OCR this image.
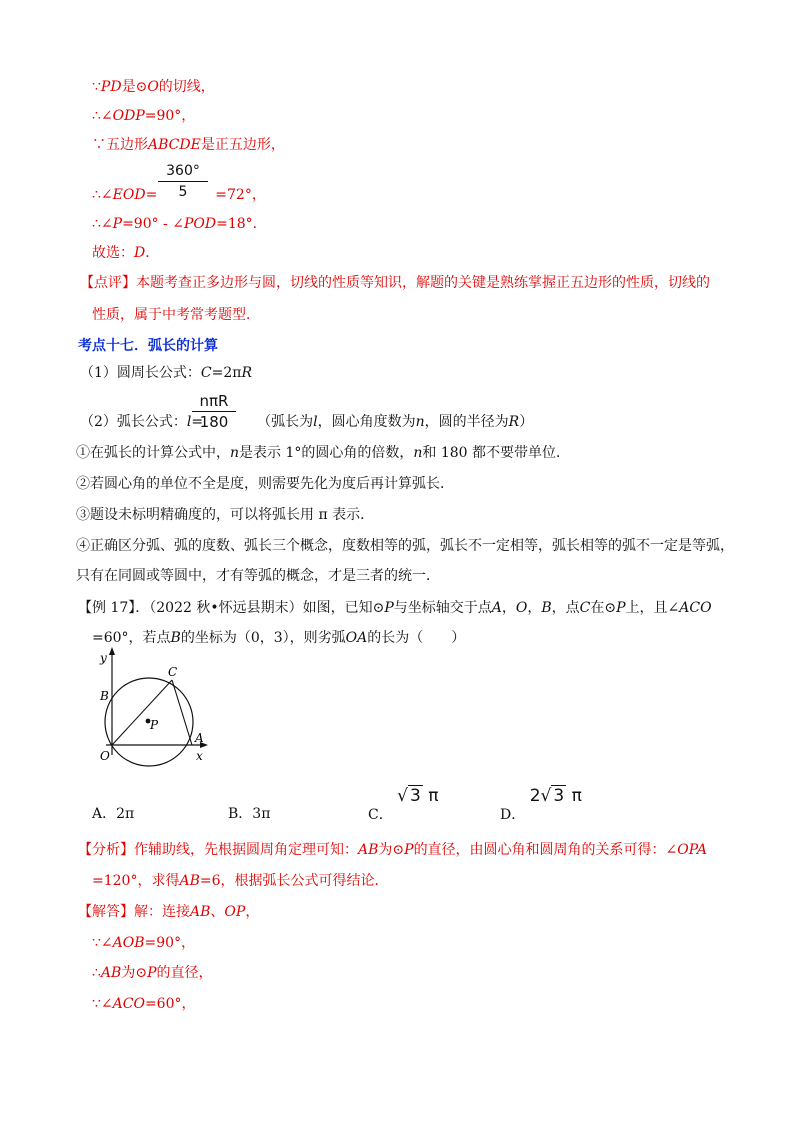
∵PD是⊙O的切线，
∴∠ODP=90°，
∵五边形ABCDE是正五边形，
360°
5
∴∠EOD=	=72°，
∴∠P=90° - ∠POD=18°．
故选：D．
【点评】本题考查正多边形与圆，切线的性质等知识，解题的关键是熟练掌握正五边形的性质，切线的
性质，属于中考常考题型．
考点十七．弧长的计算
（1）圆周长公式：C=2πR
nπR
180
（2）弧长公式：l=	（弧长为l，圆心角度数为n，圆的半径为R）
①在弧长的计算公式中，n是表示 1°的圆心角的倍数，n和 180 都不要带单位．
②若圆心角的单位不全是度，则需要先化为度后再计算弧长．
③题设未标明精确度的，可以将弧长用 π 表示．
④正确区分弧、弧的度数、弧长三个概念，度数相等的弧，弧长不一定相等，弧长相等的弧不一定是等弧，
只有在同圆或等圆中，才有等弧的概念，才是三者的统一．
【例 17】．（2022 秋•怀远县期末）如图，已知⊙P与坐标轴交于点A，O，B，点C在⊙P上，且∠ACO
=60°，若点B的坐标为（0，3），则劣弧OA的长为（　　）
y
B
C
P
O
A
x
A．2π	B．3π	C． √ 3 π
D． 2√ 3 π
【分析】作辅助线，先根据圆周角定理可知：AB为⊙P的直径，由圆心角和圆周角的关系可得：∠OPA
=120°，求得AB=6，根据弧长公式可得结论．
【解答】解：连接AB、OP，
∵∠AOB=90°，
∴AB为⊙P的直径，
∵∠ACO=60°，
